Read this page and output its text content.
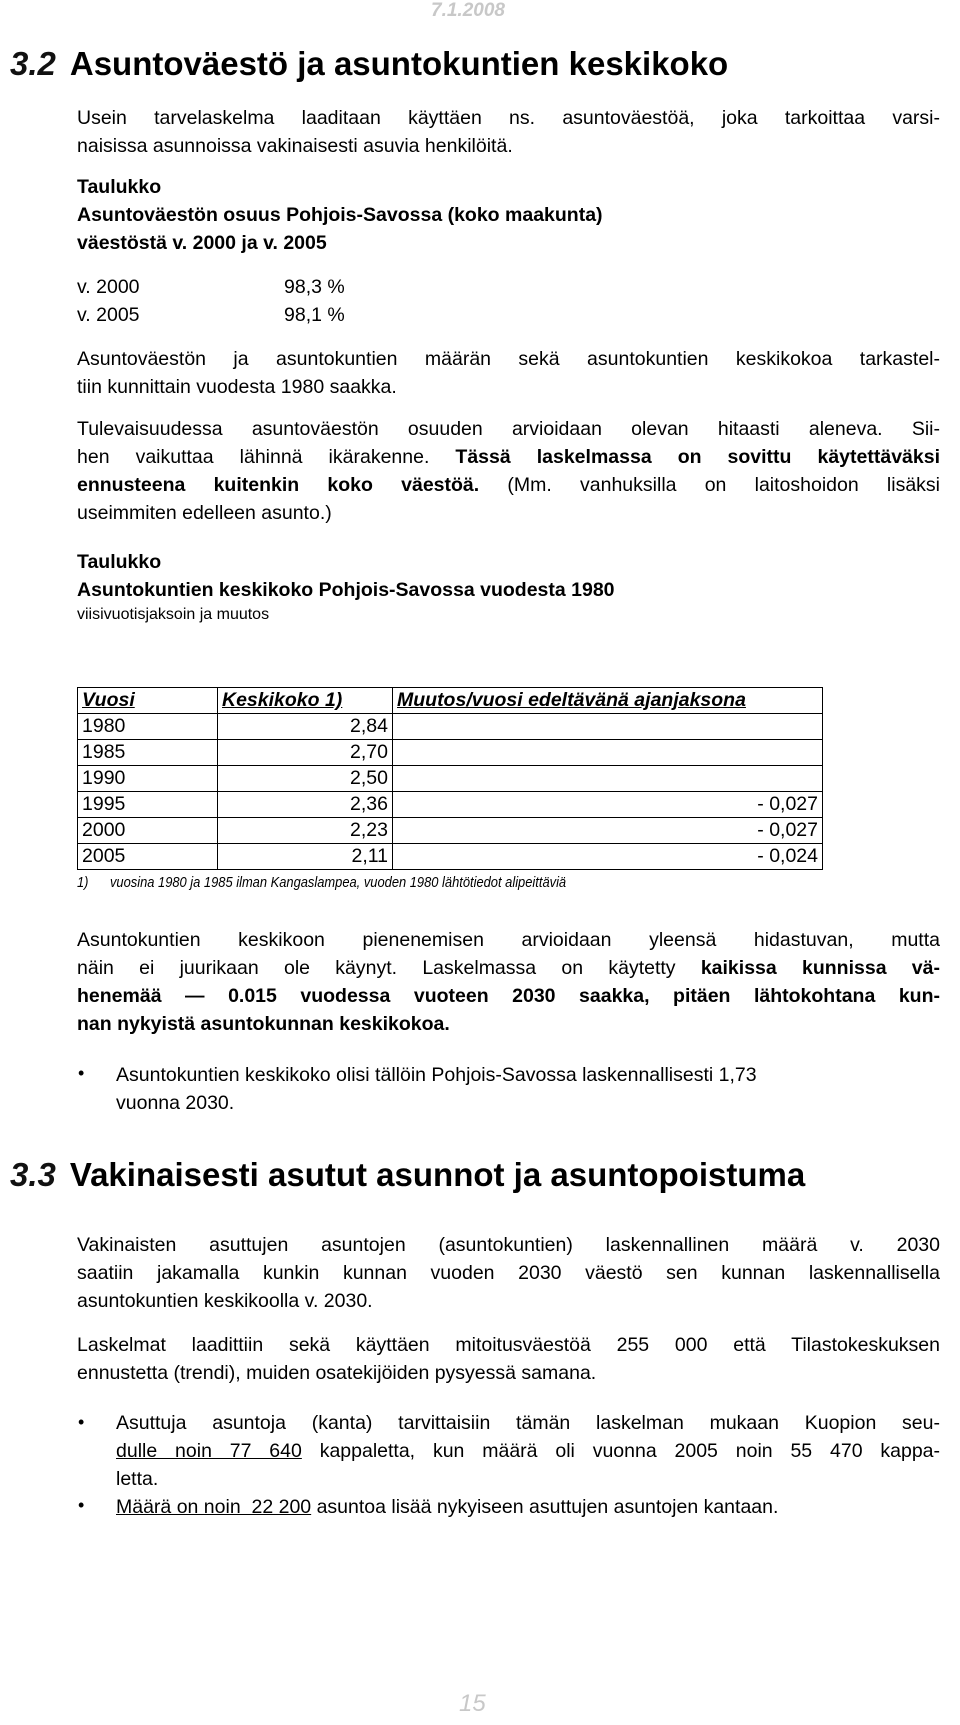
7.1.2008
3.2 Asuntoväestö ja asuntokuntien keskikoko
Usein tarvelaskelma laaditaan käyttäen ns. asuntoväestöä, joka tarkoittaa varsi-
naisissa asunnoissa vakinaisesti asuvia henkilöitä.
Taulukko
Asuntoväestön osuus Pohjois-Savossa (koko maakunta)
väestöstä v. 2000 ja v. 2005
v. 2000	98,3 %
v. 2005	98,1 %
Asuntoväestön ja asuntokuntien määrän sekä asuntokuntien keskikokoa tarkastel-
tiin kunnittain vuodesta 1980 saakka.
Tulevaisuudessa asuntoväestön osuuden arvioidaan olevan hitaasti aleneva. Sii-
hen vaikuttaa lähinnä ikärakenne. Tässä laskelmassa on sovittu käytettäväksi
ennusteena kuitenkin koko väestöä. (Mm. vanhuksilla on laitoshoidon lisäksi
useimmiten edelleen asunto.)
Taulukko
Asuntokuntien keskikoko Pohjois-Savossa vuodesta 1980
viisivuotisjaksoin ja muutos
Vuosi	Keskikoko 1)	Muutos/vuosi edeltävänä ajanjaksona
1980	2,84	
1985	2,70	
1990	2,50	
1995	2,36	- 0,027
2000	2,23	- 0,027
2005	2,11	- 0,024
1)      vuosina 1980 ja 1985 ilman Kangaslampea, vuoden 1980 lähtötiedot alipeittäviä
Asuntokuntien keskikoon pienenemisen arvioidaan yleensä hidastuvan, mutta
näin ei juurikaan ole käynyt. Laskelmassa on käytetty kaikissa kunnissa vä-
henemää — 0.015 vuodessa vuoteen 2030 saakka, pitäen lähtokohtana kun-
nan nykyistä asuntokunnan keskikokoa.
• Asuntokuntien keskikoko olisi tällöin Pohjois-Savossa laskennallisesti 1,73
vuonna 2030.
3.3 Vakinaisesti asutut asunnot ja asuntopoistuma
Vakinaisten asuttujen asuntojen (asuntokuntien) laskennallinen määrä v. 2030
saatiin jakamalla kunkin kunnan vuoden 2030 väestö sen kunnan laskennallisella
asuntokuntien keskikoolla v. 2030.
Laskelmat laadittiin sekä käyttäen mitoitusväestöä 255 000 että Tilastokeskuksen
ennustetta (trendi), muiden osatekijöiden pysyessä samana.
• Asuttuja asuntoja (kanta) tarvittaisiin tämän laskelman mukaan Kuopion seu-
dulle noin 77 640 kappaletta, kun määrä oli vuonna 2005 noin 55 470 kappa-
letta.
• Määrä on noin  22 200 asuntoa lisää nykyiseen asuttujen asuntojen kantaan.
15
